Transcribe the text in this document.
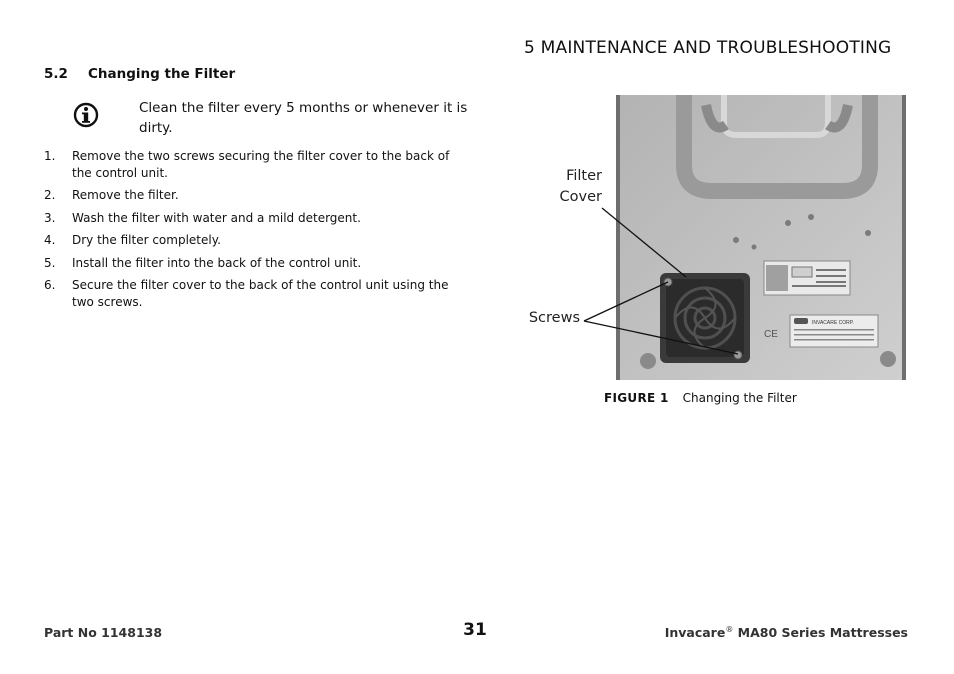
5 MAINTENANCE AND TROUBLESHOOTING
5.2 Changing the Filter
Clean the filter every 5 months or whenever it is dirty.
1. Remove the two screws securing the filter cover to the back of the control unit.
2. Remove the filter.
3. Wash the filter with water and a mild detergent.
4. Dry the filter completely.
5. Install the filter into the back of the control unit.
6. Secure the filter cover to the back of the control unit using the two screws.
INVACARE CORP.
CE
Filter
Cover
Screws
FIGURE 1 Changing the Filter
Part No 1148138	31	Invacare® MA80 Series Mattresses
